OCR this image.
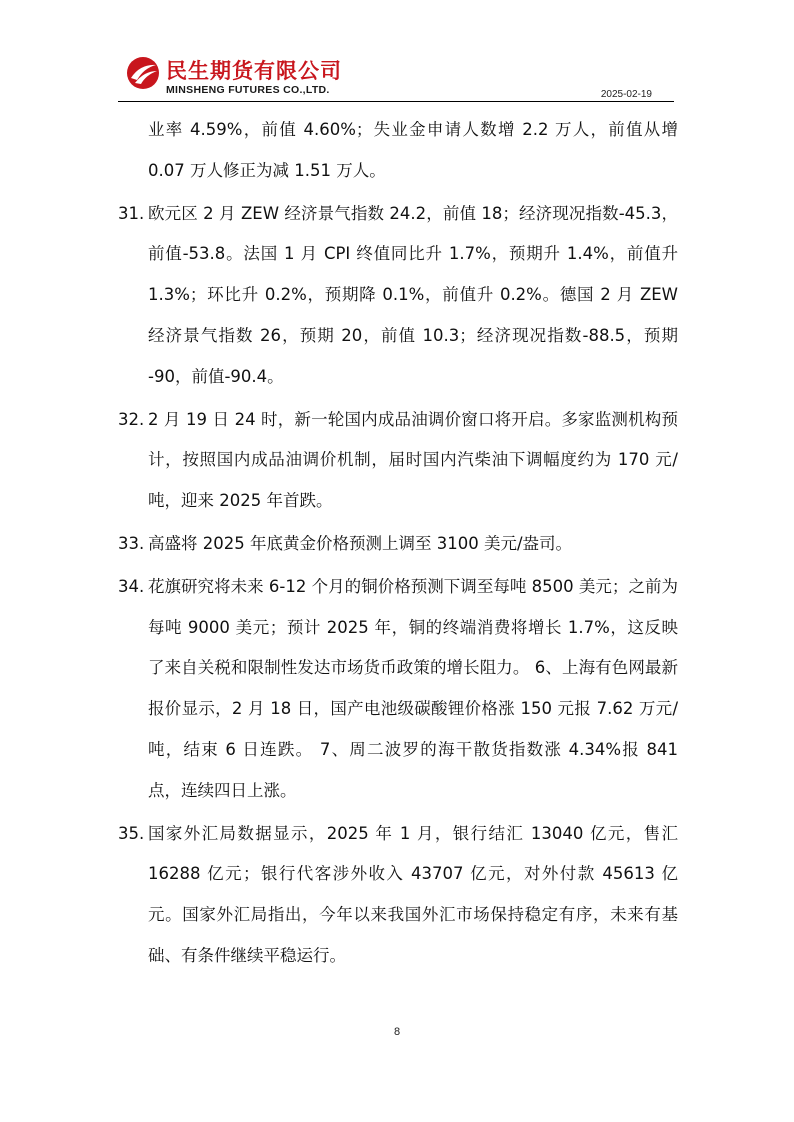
民生期货有限公司
MINSHENG FUTURES CO.,LTD.	2025-02-19
业率 4.59%，前值 4.60%；失业金申请人数增 2.2 万人，前值从增 0.07 万人修正为减 1.51 万人。
31. 欧元区 2 月 ZEW 经济景气指数 24.2，前值 18；经济现况指数-45.3，前值-53.8。法国 1 月 CPI 终值同比升 1.7%，预期升 1.4%，前值升 1.3%；环比升 0.2%，预期降 0.1%，前值升 0.2%。德国 2 月 ZEW 经济景气指数 26，预期 20，前值 10.3；经济现况指数-88.5，预期 -90，前值-90.4。
32. 2 月 19 日 24 时，新一轮国内成品油调价窗口将开启。多家监测机构预计，按照国内成品油调价机制，届时国内汽柴油下调幅度约为 170 元/吨，迎来 2025 年首跌。
33. 高盛将 2025 年底黄金价格预测上调至 3100 美元/盎司。
34. 花旗研究将未来 6-12 个月的铜价格预测下调至每吨 8500 美元；之前为每吨 9000 美元；预计 2025 年，铜的终端消费将增长 1.7%，这反映了来自关税和限制性发达市场货币政策的增长阻力。 6、上海有色网最新报价显示，2 月 18 日，国产电池级碳酸锂价格涨 150 元报 7.62 万元/吨，结束 6 日连跌。 7、周二波罗的海干散货指数涨 4.34%报 841 点，连续四日上涨。
35. 国家外汇局数据显示，2025 年 1 月，银行结汇 13040 亿元，售汇 16288 亿元；银行代客涉外收入 43707 亿元，对外付款 45613 亿元。国家外汇局指出，今年以来我国外汇市场保持稳定有序，未来有基础、有条件继续平稳运行。
8
